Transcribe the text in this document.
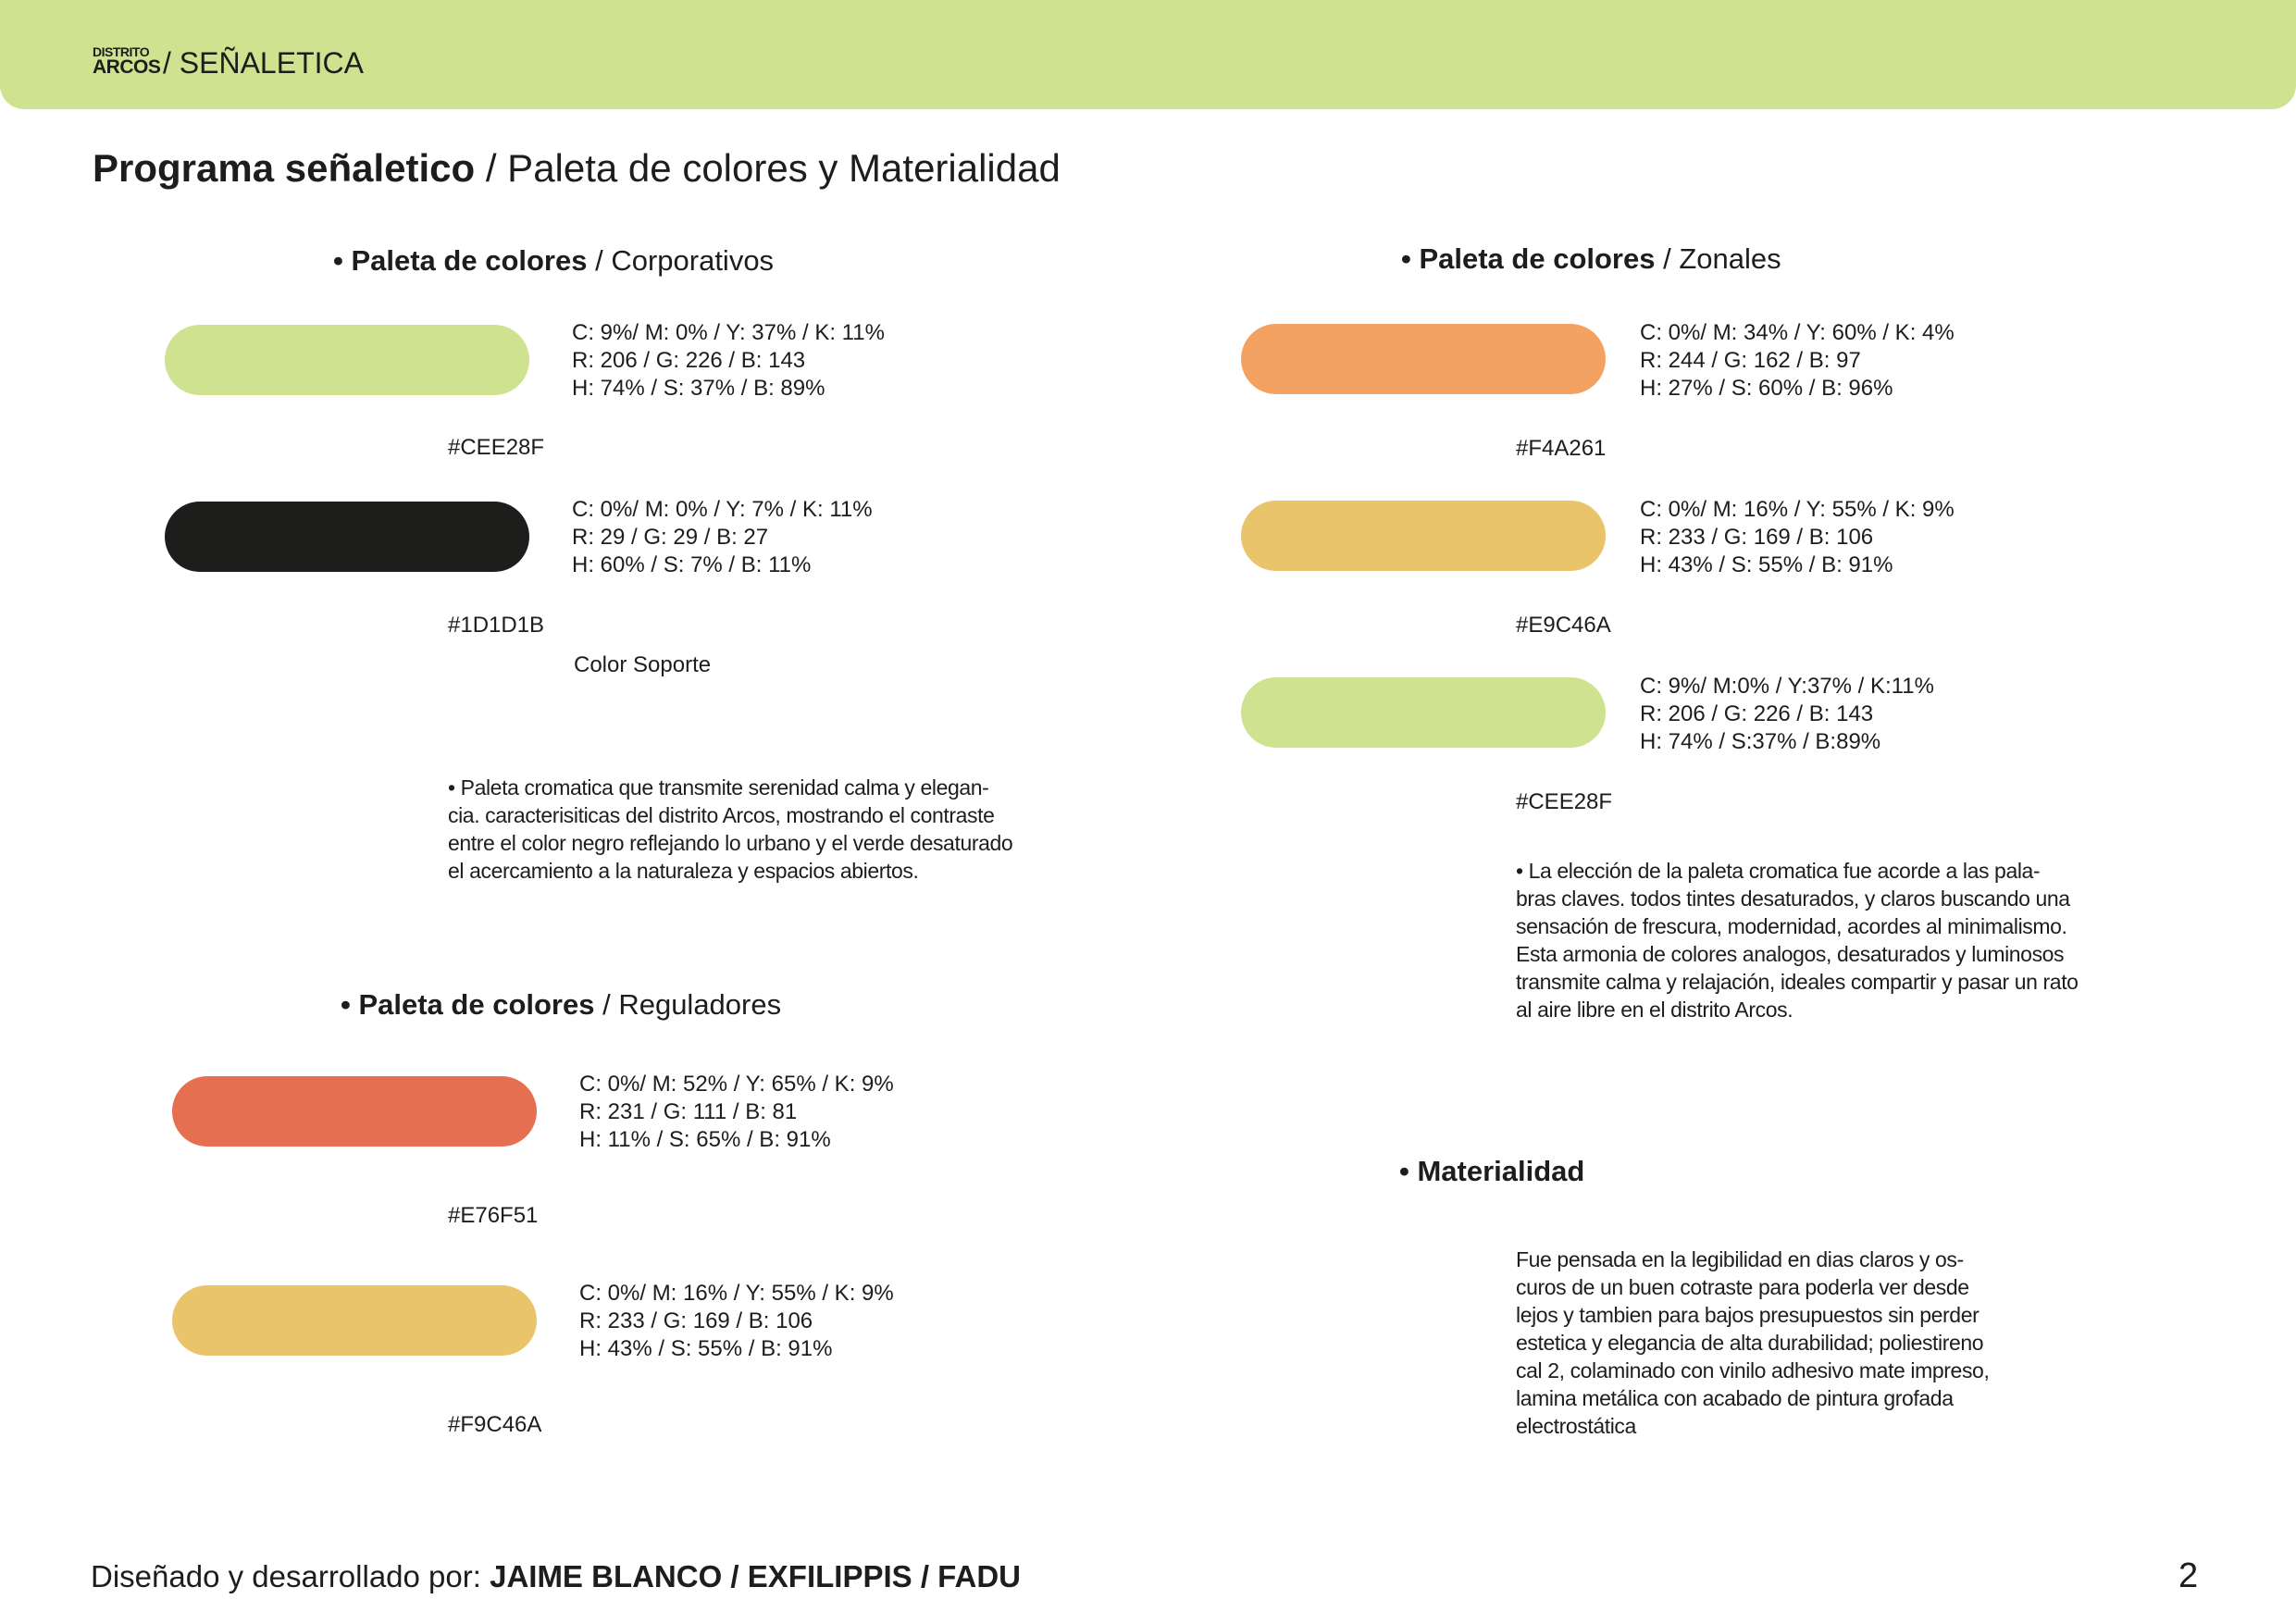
DISTRITO
ARCOS / SEÑALETICA
Programa señaletico / Paleta de colores y Materialidad
• Paleta de colores / Corporativos
C: 9%/ M: 0% / Y: 37% / K: 11%
R: 206 / G: 226 / B: 143
H: 74% / S: 37% / B: 89%
#CEE28F
C: 0%/ M: 0% / Y: 7% / K: 11%
R: 29 / G: 29 / B: 27
H: 60% / S: 7% / B: 11%
#1D1D1B
Color Soporte
• Paleta cromatica que transmite serenidad calma y elegan-
cia. caracterisiticas del distrito Arcos, mostrando el contraste
entre el color negro reflejando lo urbano y el verde desaturado
el acercamiento a la naturaleza y espacios abiertos.
• Paleta de colores / Reguladores
C: 0%/ M: 52% / Y: 65% / K: 9%
R: 231 / G: 111 / B: 81
H: 11% / S: 65% / B: 91%
#E76F51
C: 0%/ M: 16% / Y: 55% / K: 9%
R: 233 / G: 169 / B: 106
H: 43% / S: 55% / B: 91%
#F9C46A
• Paleta de colores / Zonales
C: 0%/ M: 34% / Y: 60% / K: 4%
R: 244 / G: 162 / B: 97
H: 27% / S: 60% / B: 96%
#F4A261
C: 0%/ M: 16% / Y: 55% / K: 9%
R: 233 / G: 169 / B: 106
H: 43% / S: 55% / B: 91%
#E9C46A
C: 9%/ M:0% / Y:37% / K:11%
R: 206 / G: 226 / B: 143
H: 74% / S:37% / B:89%
#CEE28F
• La elección de la paleta cromatica fue acorde a las pala-
bras claves. todos tintes desaturados, y claros buscando una
sensación de frescura, modernidad, acordes al minimalismo.
Esta armonia de colores analogos, desaturados y luminosos
transmite calma y relajación, ideales compartir y pasar un rato
al aire libre en el distrito Arcos.
• Materialidad
Fue pensada en la legibilidad en dias claros y os-
curos de un buen cotraste para poderla ver desde
lejos y tambien para bajos presupuestos sin perder
estetica y elegancia de alta durabilidad; poliestireno
cal 2, colaminado con vinilo adhesivo mate impreso,
lamina metálica con acabado de pintura grofada
electrostática
Diseñado y desarrollado por: JAIME BLANCO / EXFILIPPIS / FADU	2
